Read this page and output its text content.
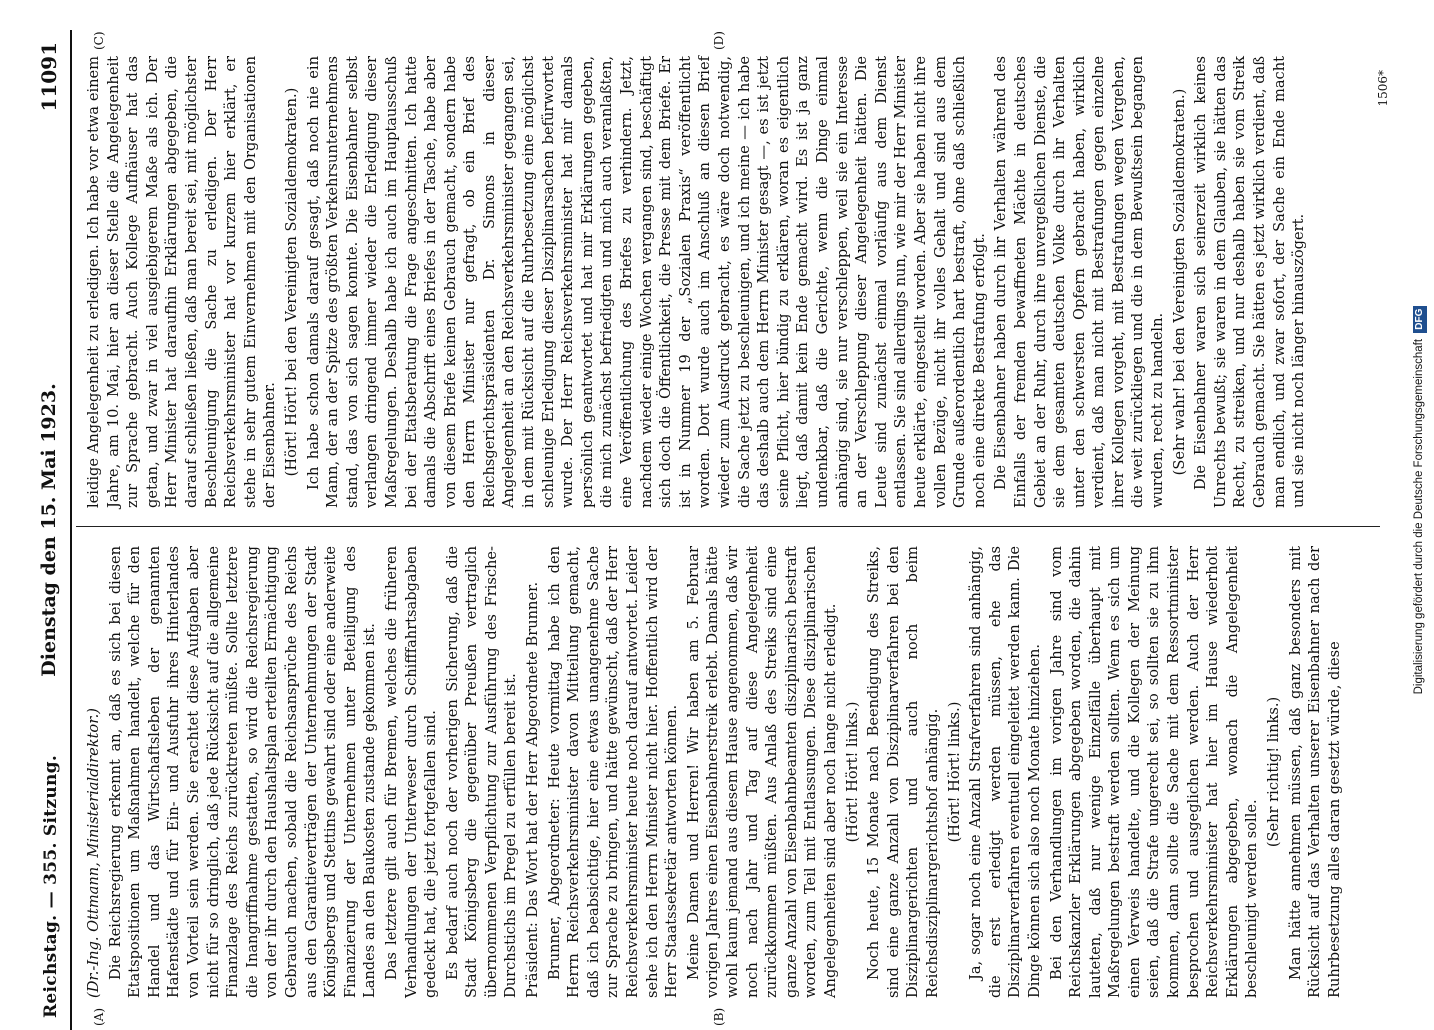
Reichstag. — 355. Sitzung.
Dienstag den 15. Mai 1923.
11091
(A)	(B)
(C)	(D)

(Dr.-Ing. Ottmann, Ministerialdirektor.) Die Reichsregierung erkennt an, daß es sich bei diesen Etatspositionen um Maßnahmen handelt, welche für den Handel und das Wirtschaftsleben der genannten Hafenstädte und für Ein- und Ausfuhr ihres Hinterlandes von Vorteil sein werden. Sie erachtet diese Aufgaben aber nicht für so dringlich, daß jede Rücksicht auf die allgemeine Finanzlage des Reichs zurücktreten müßte. Sollte letztere die Inangriffnahme gestatten, so wird die Reichsregierung von der ihr durch den Haushaltsplan erteilten Ermächtigung Gebrauch machen, sobald die Reichsansprüche des Reichs aus den Garantieverträgen der Unternehmungen der Stadt Königsbergs und Stettins gewahrt sind oder eine anderweite Finanzierung der Unternehmen unter Beteiligung des Landes an den Baukosten zustande gekommen ist. Das letztere gilt auch für Bremen, welches die früheren Verhandlungen der Unterweser durch Schifffahrtsabgaben gedeckt hat, die jetzt fortgefallen sind. Es bedarf auch noch der vorherigen Sicherung, daß die Stadt Königsberg die gegenüber Preußen vertraglich übernommenen Verpflichtung zur Ausführung des Frische-Durchstichs im Pregel zu erfüllen bereit ist. Präsident: Das Wort hat der Herr Abgeordnete Brunner. Brunner, Abgeordneter: Heute vormittag habe ich den Herrn Reichsverkehrsminister davon Mitteilung gemacht, daß ich beabsichtige, hier eine etwas unangenehme Sache zur Sprache zu bringen, und hätte gewünscht, daß der Herr Reichsverkehrsminister heute noch darauf antwortet. Leider sehe ich den Herrn Minister nicht hier. Hoffentlich wird der Herr Staatssekretär antworten können. Meine Damen und Herren! Wir haben am 5. Februar vorigen Jahres einen Eisenbahnerstreik erlebt. Damals hätte wohl kaum jemand aus diesem Hause angenommen, daß wir noch nach Jahr und Tag auf diese Angelegenheit zurückkommen müßten. Aus Anlaß des Streiks sind eine ganze Anzahl von Eisenbahnbeamten disziplinarisch bestraft worden, zum Teil mit Entlassungen. Diese disziplinarischen Angelegenheiten sind aber noch lange nicht erledigt. (Hört! Hört! links.) Noch heute, 15 Monate nach Beendigung des Streiks, sind eine ganze Anzahl von Disziplinarverfahren bei den Disziplinargerichten und auch noch beim Reichsdisziplinargerichtshof anhängig. (Hört! Hört! links.) Ja, sogar noch eine Anzahl Strafverfahren sind anhängig, die erst erledigt werden müssen, ehe das Disziplinarverfahren eventuell eingeleitet werden kann. Die Dinge können sich also noch Monate hinziehen. Bei den Verhandlungen im vorigen Jahre sind vom Reichskanzler Erklärungen abgegeben worden, die dahin lauteten, daß nur wenige Einzelfälle überhaupt mit Maßregelungen bestraft werden sollten. Wenn es sich um einen Verweis handelte, und die Kollegen der Meinung seien, daß die Strafe ungerecht sei, so sollten sie zu ihm kommen, dann sollte die Sache mit dem Ressortminister besprochen und ausgeglichen werden. Auch der Herr Reichsverkehrsminister hat hier im Hause wiederholt Erklärungen abgegeben, wonach die Angelegenheit beschleunigt werden solle.

(Sehr richtig! links.) Man hätte annehmen müssen, daß ganz besonders mit Rücksicht auf das Verhalten unserer Eisenbahner nach der Ruhrbesetzung alles daran gesetzt würde, diese

leidige Angelegenheit zu erledigen. Ich habe vor etwa einem Jahre, am 10. Mai, hier an dieser Stelle die Angelegenheit zur Sprache gebracht. Auch Kollege Aufhäuser hat das getan, und zwar in viel ausgiebigerem Maße als ich. Der Herr Minister hat daraufhin Erklärungen abgegeben, die darauf schließen ließen, daß man bereit sei, mit möglichster Beschleunigung die Sache zu erledigen. Der Herr Reichsverkehrsminister hat vor kurzem hier erklärt, er stehe in sehr gutem Einvernehmen mit den Organisationen der Eisenbahner. (Hört! Hört! bei den Vereinigten Sozialdemokraten.) Ich habe schon damals darauf gesagt, daß noch nie ein Mann, der an der Spitze des größten Verkehrsunternehmens stand, das von sich sagen konnte. Die Eisenbahner selbst verlangen dringend immer wieder die Erledigung dieser Maßregelungen. Deshalb habe ich auch im Hauptausschuß bei der Etatsberatung die Frage angeschnitten. Ich hatte damals die Abschrift eines Briefes in der Tasche, habe aber von diesem Briefe keinen Gebrauch gemacht, sondern habe den Herrn Minister nur gefragt, ob ein Brief des Reichsgerichtspräsidenten Dr. Simons in dieser Angelegenheit an den Reichsverkehrsminister gegangen sei, in dem mit Rücksicht auf die Ruhrbesetzung eine möglichst schleunige Erledigung dieser Disziplinarsachen befürwortet wurde. Der Herr Reichsverkehrsminister hat mir damals persönlich geantwortet und hat mir Erklärungen gegeben, die mich zunächst befriedigten und mich auch veranlaßten, eine Veröffentlichung des Briefes zu verhindern. Jetzt, nachdem wieder einige Wochen vergangen sind, beschäftigt sich doch die Öffentlichkeit, die Presse mit dem Briefe. Er ist in Nummer 19 der „Sozialen Praxis“ veröffentlicht worden. Dort wurde auch im Anschluß an diesen Brief wieder zum Ausdruck gebracht, es wäre doch notwendig, die Sache jetzt zu beschleunigen, und ich meine — ich habe das deshalb auch dem Herrn Minister gesagt —, es ist jetzt seine Pflicht, hier bündig zu erklären, woran es eigentlich liegt, daß damit kein Ende gemacht wird. Es ist ja ganz undenkbar, daß die Gerichte, wenn die Dinge einmal anhängig sind, sie nur verschleppen, weil sie ein Interesse an der Verschleppung dieser Angelegenheit hätten. Die Leute sind zunächst einmal vorläufig aus dem Dienst entlassen. Sie sind allerdings nun, wie mir der Herr Minister heute erklärte, eingestellt worden. Aber sie haben nicht ihre vollen Bezüge, nicht ihr volles Gehalt und sind aus dem Grunde außerordentlich hart bestraft, ohne daß schließlich noch eine direkte Bestrafung erfolgt. Die Eisenbahner haben durch ihr Verhalten während des Einfalls der fremden bewaffneten Mächte in deutsches Gebiet an der Ruhr, durch ihre unvergeßlichen Dienste, die sie dem gesamten deutschen Volke durch ihr Verhalten unter den schwersten Opfern gebracht haben, wirklich verdient, daß man nicht mit Bestrafungen gegen einzelne ihrer Kollegen vorgeht, mit Bestrafungen wegen Vergehen, die weit zurückliegen und die in dem Bewußtsein begangen wurden, recht zu handeln. (Sehr wahr! bei den Vereinigten Sozialdemokraten.) Die Eisenbahner waren sich seinerzeit wirklich keines Unrechts bewußt; sie waren in dem Glauben, sie hätten das Recht, zu streiken, und nur deshalb haben sie vom Streik Gebrauch gemacht. Sie hätten es jetzt wirklich verdient, daß man endlich, und zwar sofort, der Sache ein Ende macht und sie nicht noch länger hinauszögert.

1506*
Digitalisierung gefördert durch die Deutsche Forschungsgemeinschaft DFG
